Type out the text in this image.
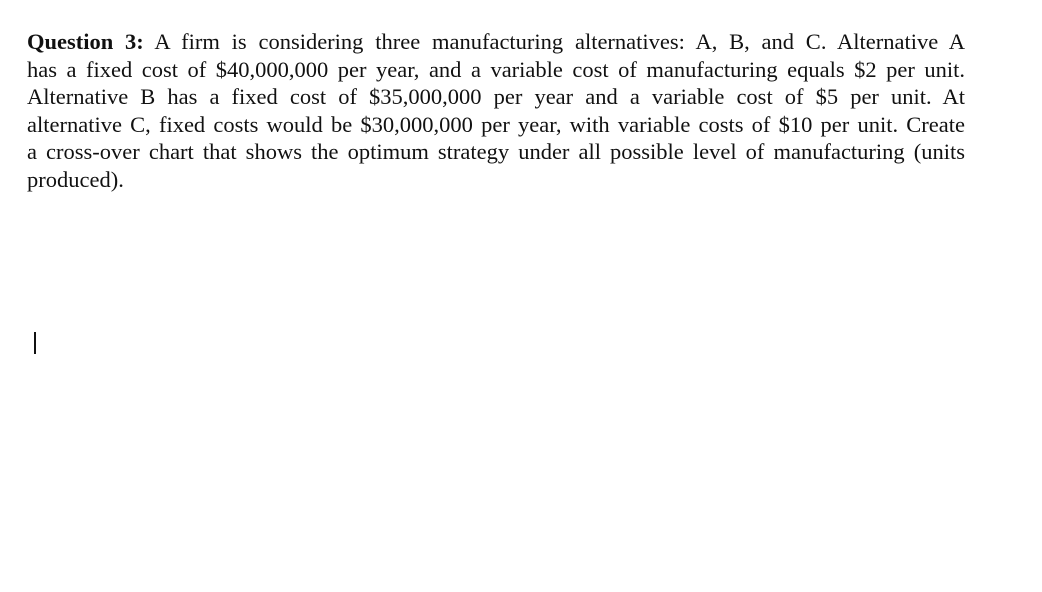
Question 3: A firm is considering three manufacturing alternatives: A, B, and C. Alternative A
has a fixed cost of $40,000,000 per year, and a variable cost of manufacturing equals $2 per unit.
Alternative B has a fixed cost of $35,000,000 per year and a variable cost of $5 per unit. At
alternative C, fixed costs would be $30,000,000 per year, with variable costs of $10 per unit. Create
a cross-over chart that shows the optimum strategy under all possible level of manufacturing (units
produced).
